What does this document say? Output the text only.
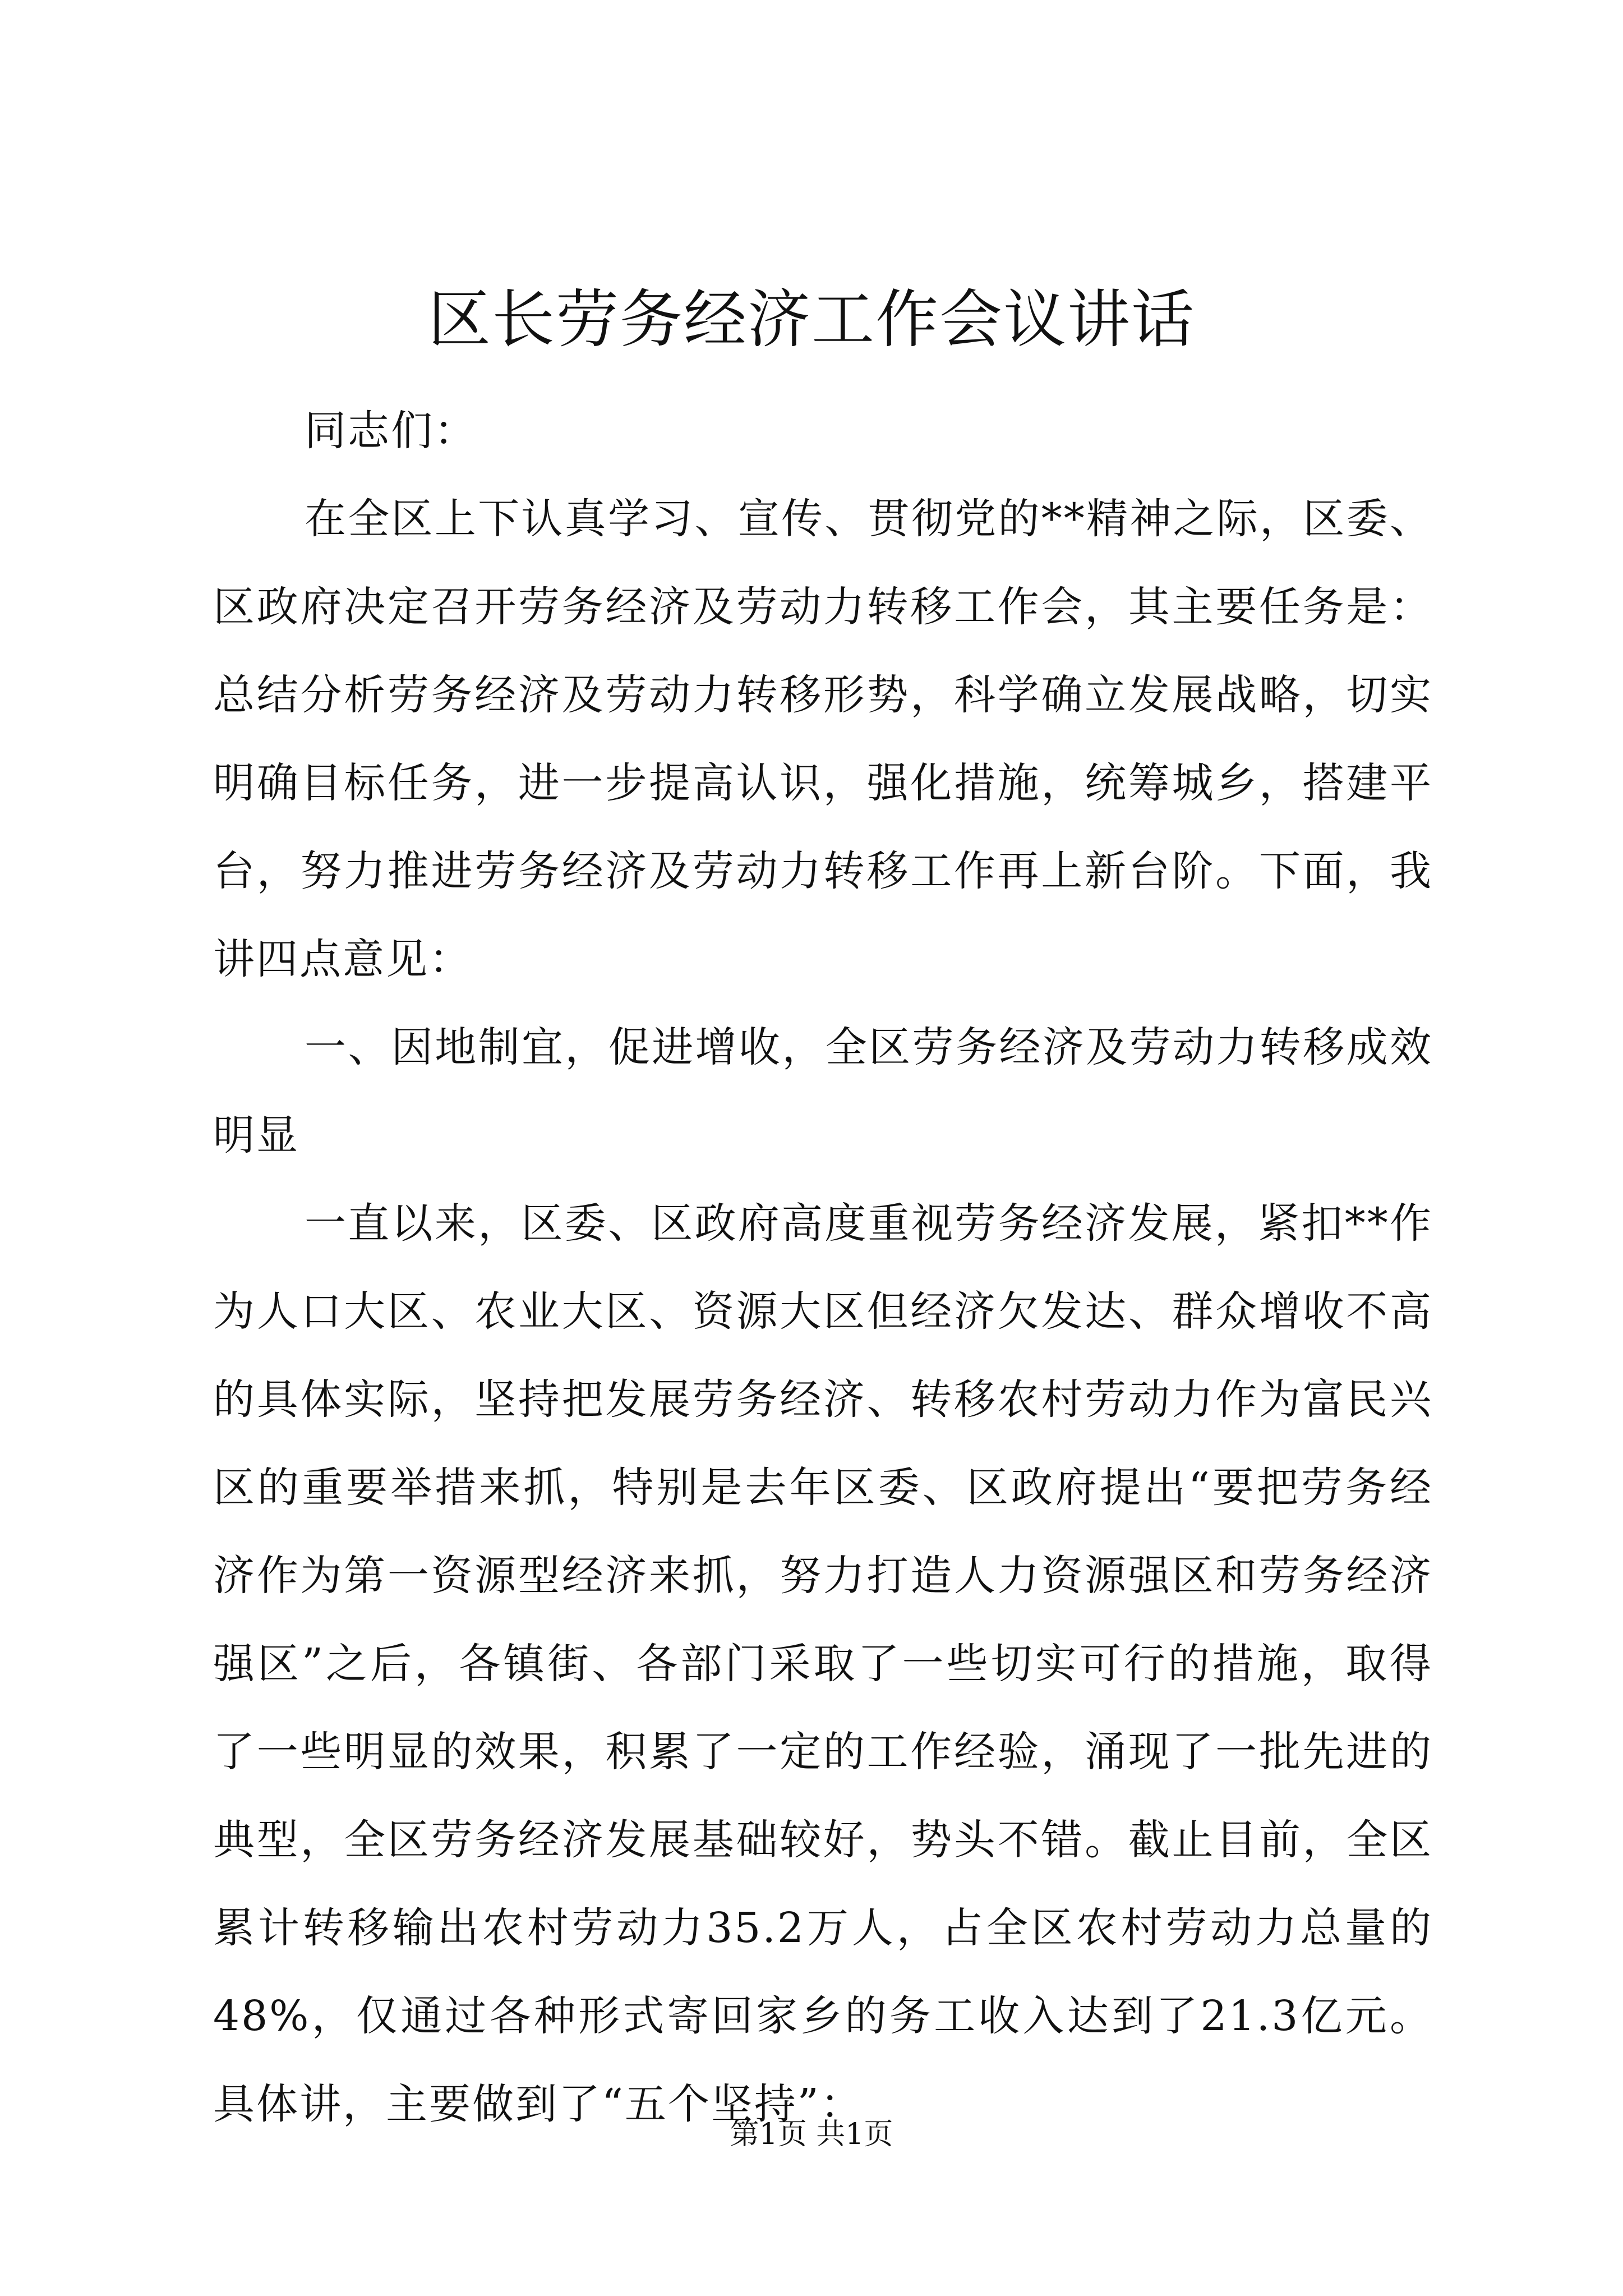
区长劳务经济工作会议讲话

同志们：

在全区上下认真学习、宣传、贯彻党的**精神之际，区委、区政府决定召开劳务经济及劳动力转移工作会，其主要任务是：总结分析劳务经济及劳动力转移形势，科学确立发展战略，切实明确目标任务，进一步提高认识，强化措施，统筹城乡，搭建平台，努力推进劳务经济及劳动力转移工作再上新台阶。下面，我讲四点意见：

一、因地制宜，促进增收，全区劳务经济及劳动力转移成效明显

一直以来，区委、区政府高度重视劳务经济发展，紧扣**作为人口大区、农业大区、资源大区但经济欠发达、群众增收不高的具体实际，坚持把发展劳务经济、转移农村劳动力作为富民兴区的重要举措来抓，特别是去年区委、区政府提出“要把劳务经济作为第一资源型经济来抓，努力打造人力资源强区和劳务经济强区”之后，各镇街、各部门采取了一些切实可行的措施，取得了一些明显的效果，积累了一定的工作经验，涌现了一批先进的典型，全区劳务经济发展基础较好，势头不错。截止目前，全区累计转移输出农村劳动力35.2万人，占全区农村劳动力总量的48%，仅通过各种形式寄回家乡的务工收入达到了21.3亿元。具体讲，主要做到了“五个坚持”：

第1页 共1页
